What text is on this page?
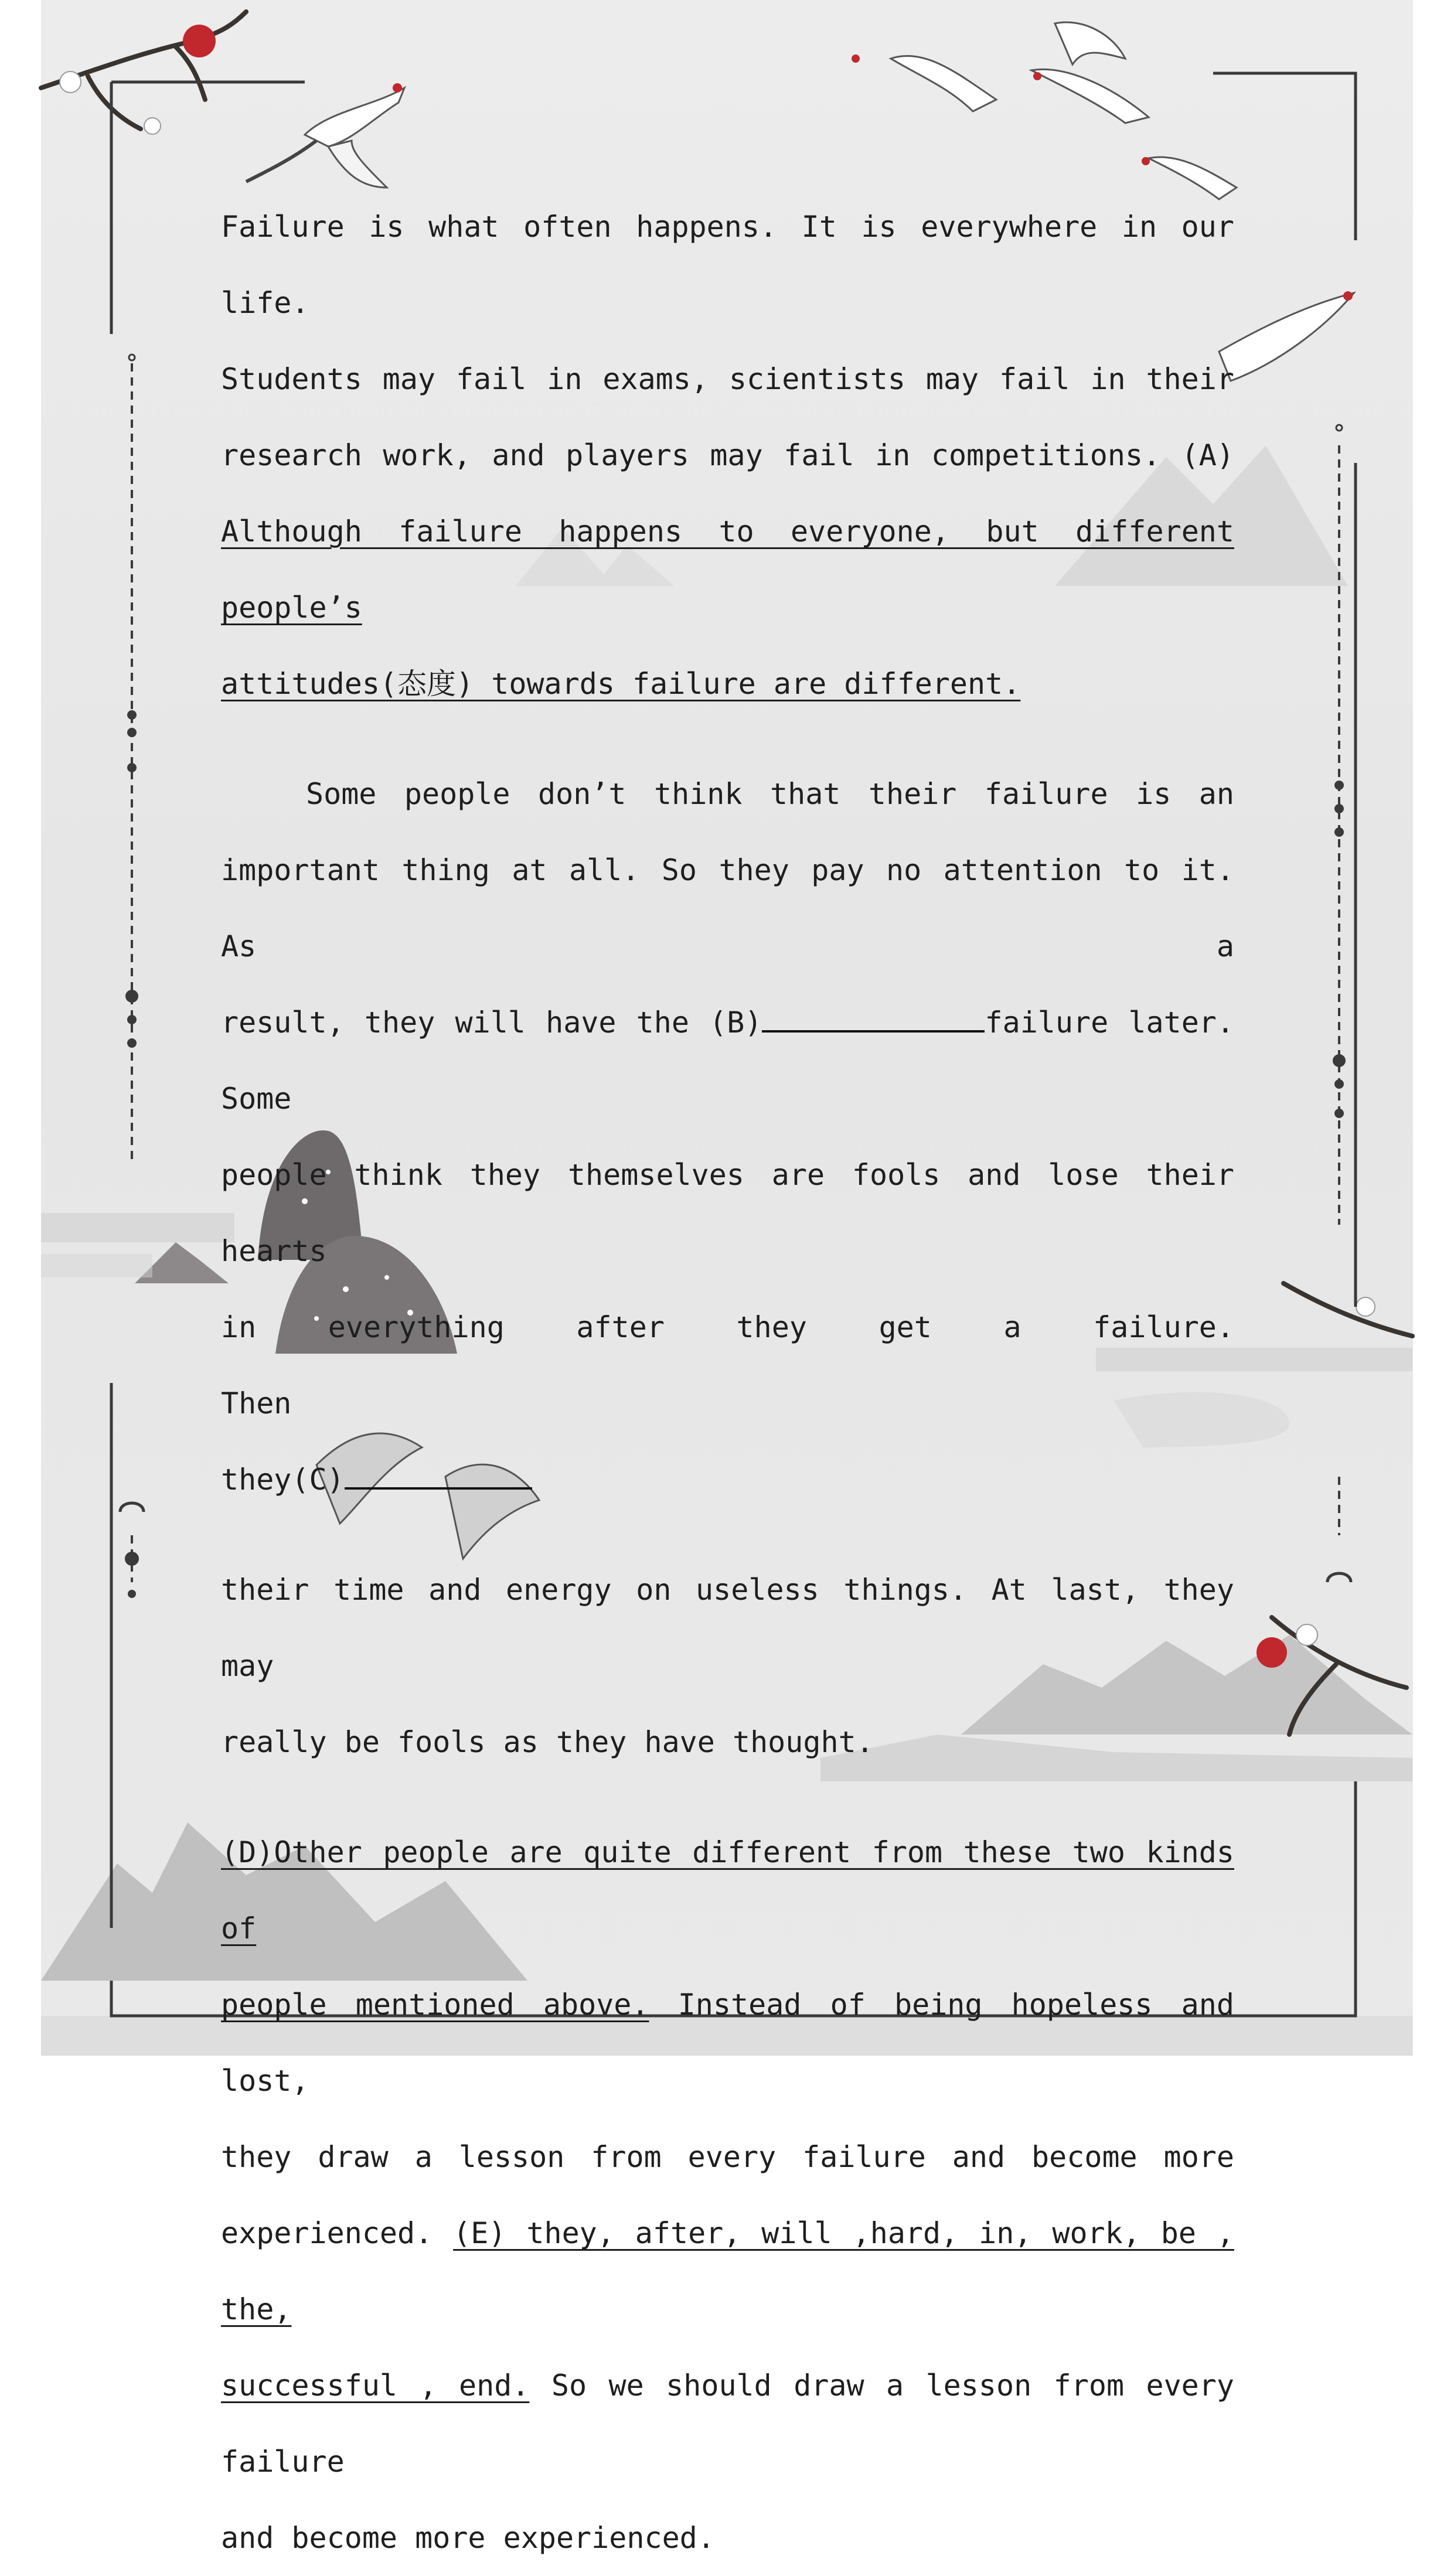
Failure is what often happens. It is everywhere in our life.
Students may fail in exams, scientists may fail in their
research work, and players may fail in competitions. (A)
Although failure happens to everyone, but different people’s
attitudes(态度) towards failure are different.
Some people don’t think that their failure is an
important thing at all. So they pay no attention to it. As a
result, they will have the (B)	failure later. Some
people think they themselves are fools and lose their hearts
in everything after they get a failure. Then
they(C)
their time and energy on useless things. At last, they may
really be fools as they have thought.
(D)Other people are quite different from these two kinds of
people mentioned above. Instead of being hopeless and lost,
they draw a lesson from every failure and become more
experienced. (E) they, after, will ,hard, in, work, be , the,
successful , end. So we should draw a lesson from every failure
and become more experienced.
